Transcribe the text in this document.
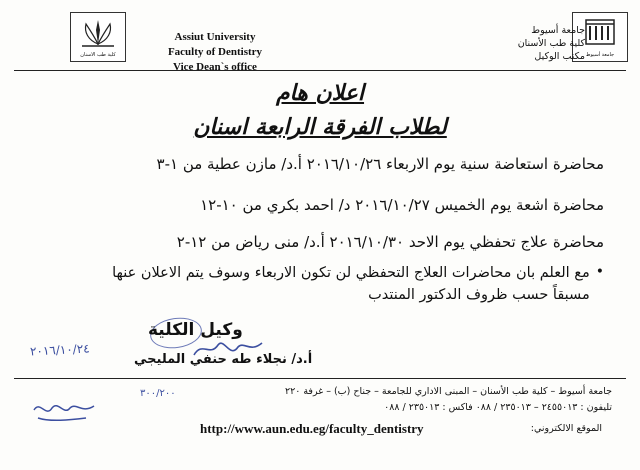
كلية طب الاسنان	جامعة أسيوط
Assiut University
Faculty of Dentistry
Vice Dean`s office
جامعة أسيوط
كلية طب الأسنان
مكتب الوكيل
اعلان هام
لطلاب الفرقة الرابعة اسنان
محاضرة استعاضة سنية يوم الاربعاء ٢٠١٦/١٠/٢٦ أ.د/ مازن عطية من ١-٣
محاضرة اشعة يوم الخميس ٢٠١٦/١٠/٢٧ د/ احمد بكري من ١٠-١٢
محاضرة علاج تحفظي يوم الاحد ٢٠١٦/١٠/٣٠ أ.د/ منى رياض من ١٢-٢
•
مع العلم بان محاضرات العلاج التحفظي لن تكون الاربعاء وسوف يتم الاعلان عنها
مسبقاً حسب ظروف الدكتور المنتدب
وكيل الكلية
٢٠١٦/١٠/٢٤
أ.د/ نجلاء طه حنفي المليجي
٣٠٠/٢٠٠	جامعة أسيوط – كلية طب الأسنان – المبنى الاداري للجامعة – جناح (ب) – غرفة ٢٢٠
تليفون : ٢٤٥٥٠١٣ – ٢٣٥٠١٣ / ٠٨٨ فاكس : ٢٣٥٠١٣ / ٠٨٨
الموقع الالكتروني:
http://www.aun.edu.eg/faculty_dentistry
